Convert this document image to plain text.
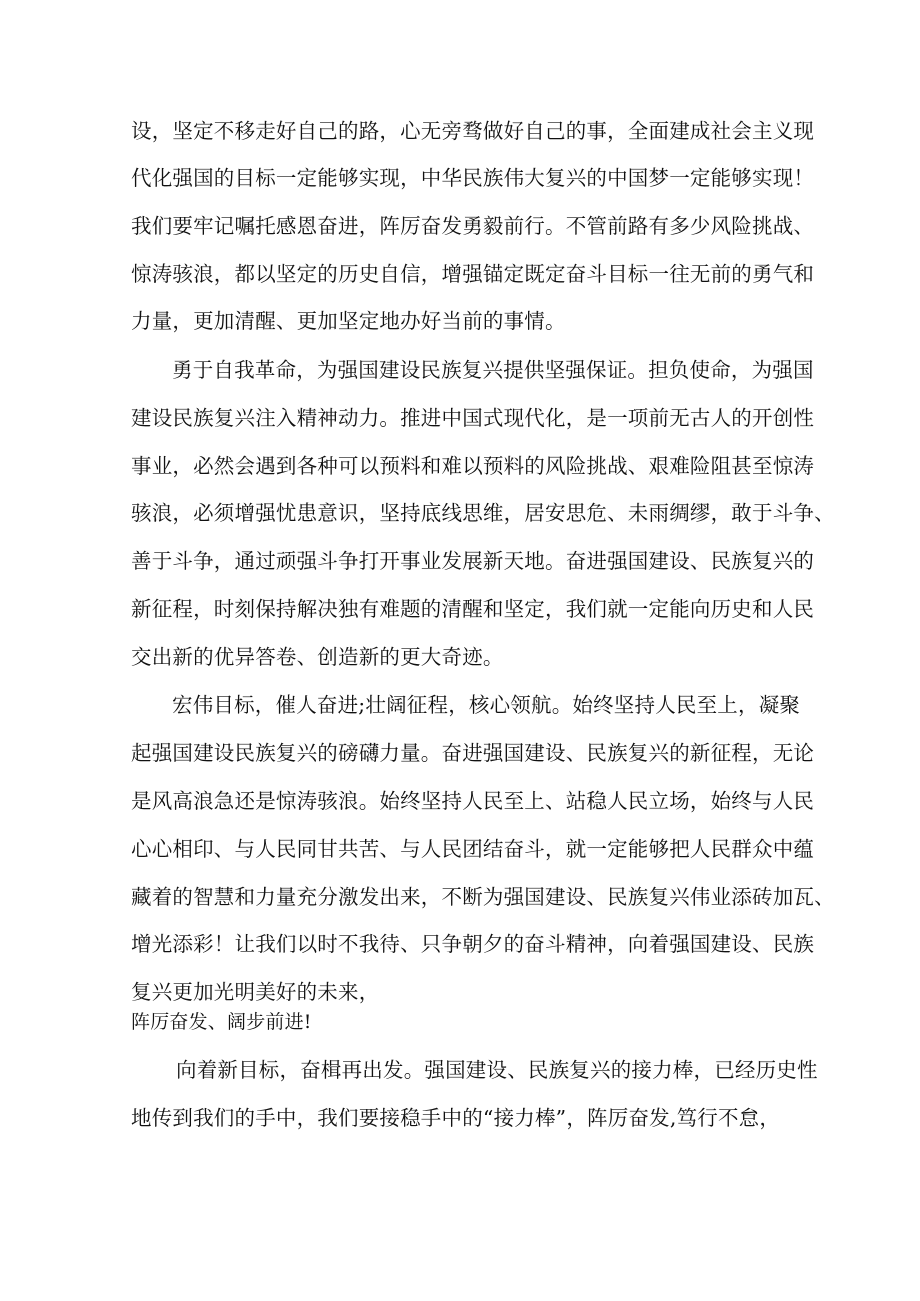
设，坚定不移走好自己的路，心无旁骛做好自己的事，全面建成社会主义现
代化强国的目标一定能够实现，中华民族伟大复兴的中国梦一定能够实现！
我们要牢记嘱托感恩奋进，阵厉奋发勇毅前行。不管前路有多少风险挑战、
惊涛骇浪，都以坚定的历史自信，增强锚定既定奋斗目标一往无前的勇气和
力量，更加清醒、更加坚定地办好当前的事情。
勇于自我革命，为强国建设民族复兴提供坚强保证。担负使命，为强国
建设民族复兴注入精神动力。推进中国式现代化，是一项前无古人的开创性
事业，必然会遇到各种可以预料和难以预料的风险挑战、艰难险阻甚至惊涛
骇浪，必须增强忧患意识，坚持底线思维，居安思危、未雨绸缪，敢于斗争、
善于斗争，通过顽强斗争打开事业发展新天地。奋进强国建设、民族复兴的
新征程，时刻保持解决独有难题的清醒和坚定，我们就一定能向历史和人民
交出新的优异答卷、创造新的更大奇迹。
宏伟目标，催人奋进;壮阔征程，核心领航。始终坚持人民至上，凝聚
起强国建设民族复兴的磅礴力量。奋进强国建设、民族复兴的新征程，无论
是风高浪急还是惊涛骇浪。始终坚持人民至上、站稳人民立场，始终与人民
心心相印、与人民同甘共苦、与人民团结奋斗，就一定能够把人民群众中蕴
藏着的智慧和力量充分激发出来，不断为强国建设、民族复兴伟业添砖加瓦、
增光添彩！让我们以时不我待、只争朝夕的奋斗精神，向着强国建设、民族
复兴更加光明美好的未来，
阵厉奋发、阔步前进!
向着新目标，奋楫再出发。强国建设、民族复兴的接力棒，已经历史性
地传到我们的手中，我们要接稳手中的“接力棒”，阵厉奋发,笃行不怠，
